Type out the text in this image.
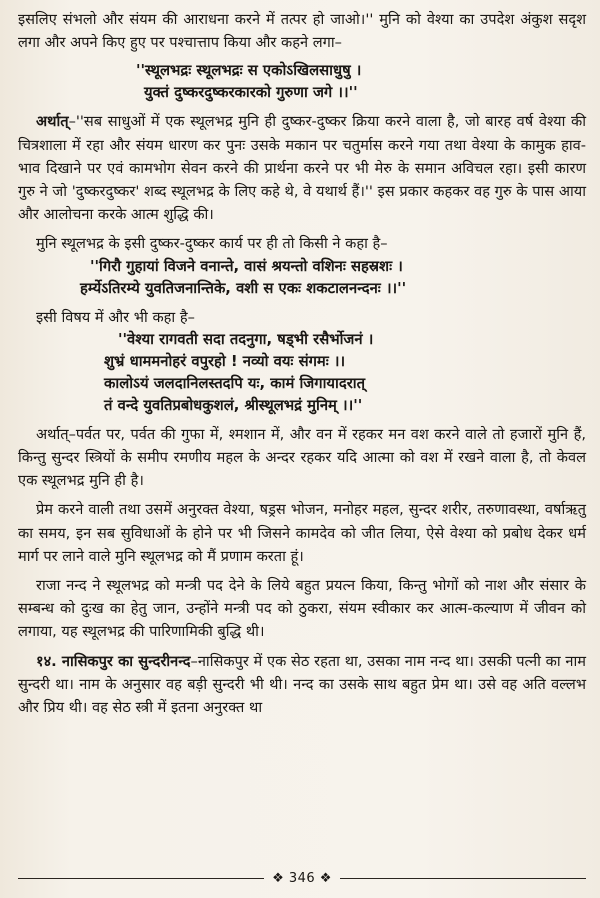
इसलिए संभलो और संयम की आराधना करने में तत्पर हो जाओ।'' मुनि को वेश्या का उपदेश अंकुश सदृश लगा और अपने किए हुए पर पश्चात्ताप किया और कहने लगा–

''स्थूलभद्रः स्थूलभद्रः स एकोऽखिलसाधुषु ।

युक्तं दुष्करदुष्करकारको गुरुणा जगे ।।''

अर्थात्–''सब साधुओं में एक स्थूलभद्र मुनि ही दुष्कर-दुष्कर क्रिया करने वाला है, जो बारह वर्ष वेश्या की चित्रशाला में रहा और संयम धारण कर पुनः उसके मकान पर चतुर्मास करने गया तथा वेश्या के कामुक हाव-भाव दिखाने पर एवं कामभोग सेवन करने की प्रार्थना करने पर भी मेरु के समान अविचल रहा। इसी कारण गुरु ने जो 'दुष्करदुष्कर' शब्द स्थूलभद्र के लिए कहे थे, वे यथार्थ हैं।'' इस प्रकार कहकर वह गुरु के पास आया और आलोचना करके आत्म शुद्धि की।

मुनि स्थूलभद्र के इसी दुष्कर-दुष्कर कार्य पर ही तो किसी ने कहा है–

''गिरौ गुहायां विजने वनान्ते, वासं श्रयन्तो वशिनः सहस्रशः ।

हर्म्येऽतिरम्ये युवतिजनान्तिके, वशी स एकः शकटालनन्दनः ।।''

इसी विषय में और भी कहा है–

''वेश्या रागवती सदा तदनुगा, षड्भी रसैर्भोजनं ।

शुभ्रं धाममनोहरं वपुरहो ! नव्यो वयः संगमः ।।

कालोऽयं जलदानिलस्तदपि यः, कामं जिगायादरात्

तं वन्दे युवतिप्रबोधकुशलं, श्रीस्थूलभद्रं मुनिम् ।।''

अर्थात्–पर्वत पर, पर्वत की गुफा में, श्मशान में, और वन में रहकर मन वश करने वाले तो हजारों मुनि हैं, किन्तु सुन्दर स्त्रियों के समीप रमणीय महल के अन्दर रहकर यदि आत्मा को वश में रखने वाला है, तो केवल एक स्थूलभद्र मुनि ही है।

प्रेम करने वाली तथा उसमें अनुरक्त वेश्या, षड्रस भोजन, मनोहर महल, सुन्दर शरीर, तरुणावस्था, वर्षाऋतु का समय, इन सब सुविधाओं के होने पर भी जिसने कामदेव को जीत लिया, ऐसे वेश्या को प्रबोध देकर धर्म मार्ग पर लाने वाले मुनि स्थूलभद्र को मैं प्रणाम करता हूं।

राजा नन्द ने स्थूलभद्र को मन्त्री पद देने के लिये बहुत प्रयत्न किया, किन्तु भोगों को नाश और संसार के सम्बन्ध को दुःख का हेतु जान, उन्होंने मन्त्री पद को ठुकरा, संयम स्वीकार कर आत्म-कल्याण में जीवन को लगाया, यह स्थूलभद्र की पारिणामिकी बुद्धि थी।

१४. नासिकपुर का सुन्दरीनन्द–नासिकपुर में एक सेठ रहता था, उसका नाम नन्द था। उसकी पत्नी का नाम सुन्दरी था। नाम के अनुसार वह बड़ी सुन्दरी भी थी। नन्द का उसके साथ बहुत प्रेम था। उसे वह अति वल्लभ और प्रिय थी। वह सेठ स्त्री में इतना अनुरक्त था

❖ 346 ❖
